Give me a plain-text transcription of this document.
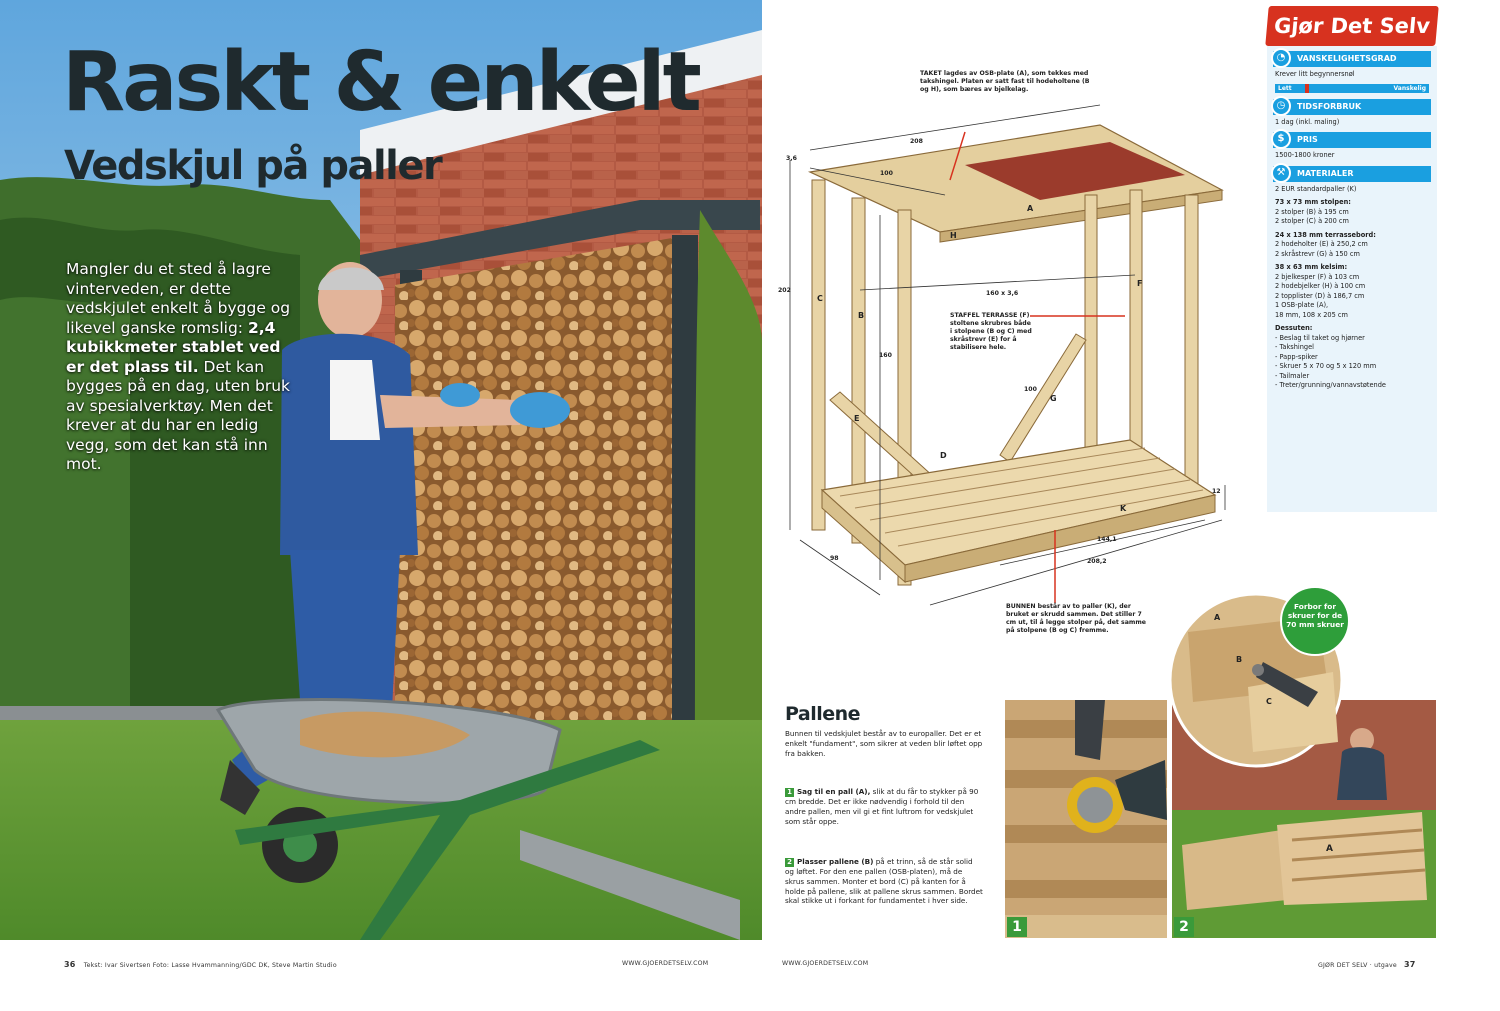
Raskt & enkelt
Vedskjul på paller
Mangler du et sted å lagre vinterveden, er dette vedskjulet enkelt å bygge og likevel ganske romslig: 2,4 kubikkmeter stablet ved er det plass til. Det kan bygges på en dag, uten bruk av spesialverktøy. Men det krever at du har en ledig vegg, som det kan stå inn mot.
36 Tekst: Ivar Sivertsen Foto: Lasse Hvammanning/GDC DK, Steve Martin Studio	WWW.GJOERDETSELV.COM
208
100
3,6
202
160
100
160 x 3,6
98
144,1
208,2
12
C
B
E
D
G
F
A
H
K
TAKET lagdes av OSB-plate (A), som tekkes med takshingel. Platen er satt fast til hodeholtene (B og H), som bæres av bjelkelag.
STAFFEL TERRASSE (F) stoltene skrubres både i stolpene (B og C) med skråstrevr (E) for å stabilisere hele.
BUNNEN består av to paller (K), der bruket er skrudd sammen. Det stiller 7 cm ut, til å legge stolper på, det samme på stolpene (B og C) fremme.
Gjør Det Selv
◔	VANSKELIGHETSGRAD
Krever litt begynnersnøl
Lett	Vanskelig
◷	TIDSFORBRUK
1 dag (inkl. maling)
$	PRIS
1500-1800 kroner
⚒	MATERIALER
2 EUR standardpaller (K)
73 x 73 mm stolpen:
2 stolper (B) à 195 cm
2 stolper (C) à 200 cm
24 x 138 mm terrassebord:
2 hodeholter (E) à 250,2 cm
2 skråstrevr (G) à 150 cm
38 x 63 mm kelsim:
2 bjelkesper (F) à 103 cm
2 hodebjelker (H) à 100 cm
2 topplister (D) à 186,7 cm
1 OSB-plate (A),
18 mm, 108 x 205 cm
Dessuten:
- Beslag til taket og hjørner
- Takshingel
- Papp-spiker
- Skruer 5 x 70 og 5 x 120 mm
- Tailmaler
- Treter/grunning/vannavstøtende
Pallene
Bunnen til vedskjulet består av to europaller. Det er et enkelt "fundament", som sikrer at veden blir løftet opp fra bakken.
1 Sag til en pall (A), slik at du får to stykker på 90 cm bredde. Det er ikke nødvendig i forhold til den andre pallen, men vil gi et fint luftrom for vedskjulet som står oppe.
2 Plasser pallene (B) på et trinn, så de står solid og løftet. For den ene pallen (OSB-platen), må de skrus sammen. Monter et bord (C) på kanten for å holde på pallene, slik at pallene skrus sammen. Bordet skal stikke ut i forkant for fundamentet i hver side.
1	2
A
A
B
C
Forbor for skruer for de 70 mm skruer
WWW.GJOERDETSELV.COM	GJØR DET SELV · utgave 37
